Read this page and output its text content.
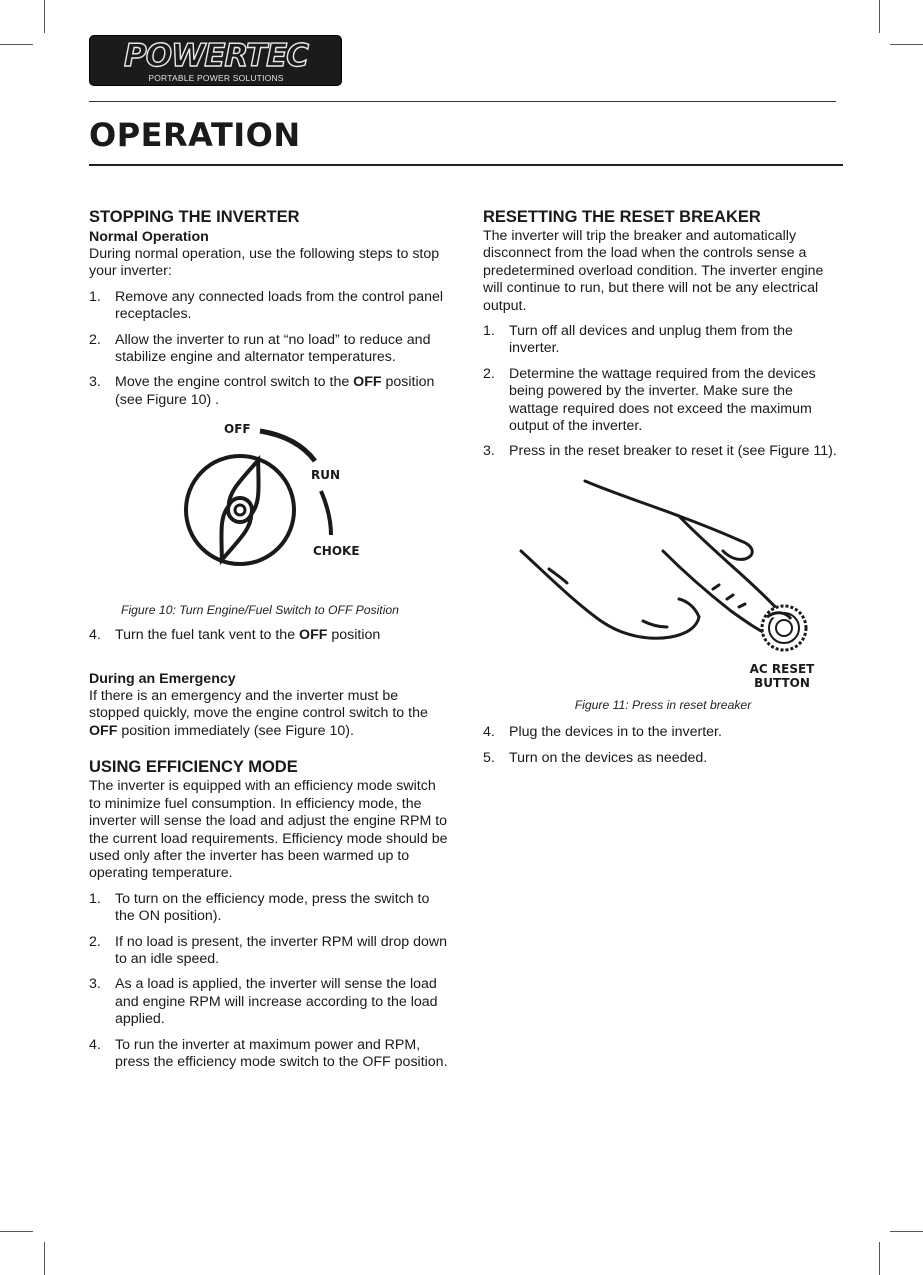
POWERTEC
PORTABLE POWER SOLUTIONS
OPERATION
STOPPING THE INVERTER
Normal Operation

During normal operation, use the following steps to stop your inverter:

1. Remove any connected loads from the control panel receptacles.
2. Allow the inverter to run at “no load” to reduce and stabilize engine and alternator temperatures.
3. Move the engine control switch to the OFF position (see Figure 10) .
OFF
RUN
CHOKE

Figure 10: Turn Engine/Fuel Switch to OFF Position

4. Turn the fuel tank vent to the OFF position
During an Emergency

If there is an emergency and the inverter must be stopped quickly, move the engine control switch to the OFF position immediately (see Figure 10).

USING EFFICIENCY MODE

The inverter is equipped with an efficiency mode switch to minimize fuel consumption. In efficiency mode, the inverter will sense the load and adjust the engine RPM to the current load requirements. Efficiency mode should be used only after the inverter has been warmed up to operating temperature.

1. To turn on the efficiency mode, press the switch to the ON position).
2. If no load is present, the inverter RPM will drop down to an idle speed.
3. As a load is applied, the inverter will sense the load and engine RPM will increase according to the load applied.
4. To run the inverter at maximum power and RPM, press the efficiency mode switch to the OFF position.
RESETTING THE RESET BREAKER

The inverter will trip the breaker and automatically disconnect from the load when the controls sense a predetermined overload condition. The inverter engine will continue to run, but there will not be any electrical output.

1. Turn off all devices and unplug them from the inverter.
2. Determine the wattage required from the devices being powered by the inverter. Make sure the wattage required does not exceed the maximum output of the inverter.
3. Press in the reset breaker to reset it (see Figure 11).
AC RESET
BUTTON

Figure 11: Press in reset breaker

4. Plug the devices in to the inverter.
5. Turn on the devices as needed.
